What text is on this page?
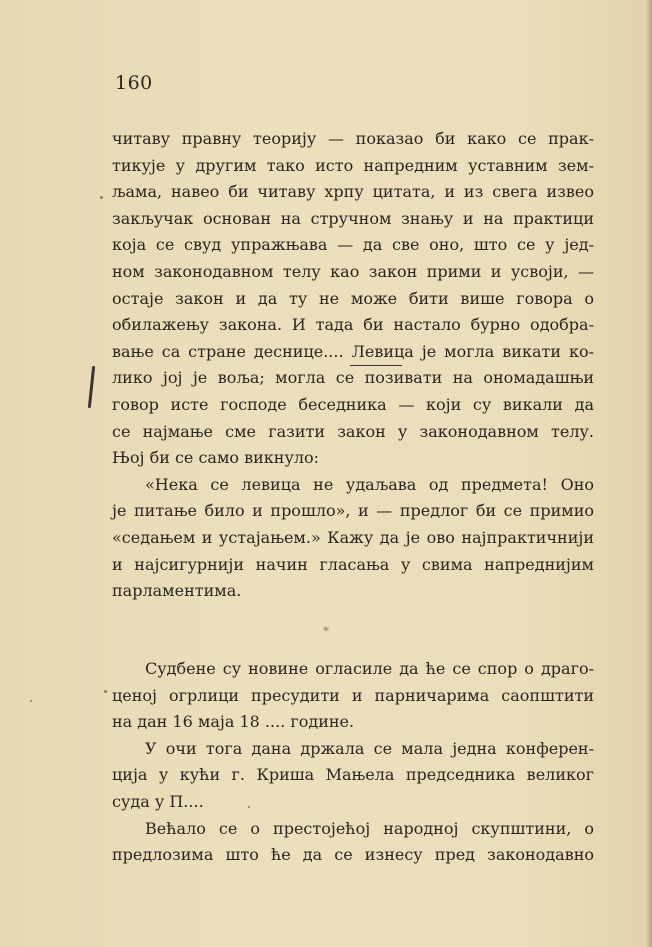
160
читаву правну теорију — показао би како се прак-
тикује у другим тако исто напредним уставним зем-
љама, навео би читаву хрпу цитата, и из свега извео
закључак основан на стручном знању и на практици
која се свуд упражњава — да све оно, што се у јед-
ном законодавном телу као закон прими и усвоји, —
остаје закон и да ту не може бити више говора о
обилажењу закона. И тада би настало бурно одобра-
вање са стране деснице.... Левица је могла викати ко-
лико јој је воља; могла се позивати на ономадашњи
говор исте господе беседника — који су викали да
се најмање сме газити закон у законодавном телу.
Њој би се само викнуло:
«Нека се левица не удаљава од предмета! Оно
је питање било и прошло», и — предлог би се примио
«седањем и устајањем.» Кажу да је ово најпрактичнији
и најсигурнији начин гласања у свима напреднијим
парламентима.
*
Судбене су новине огласиле да ће се спор о драго-
ценој огрлици пресудити и парничарима саопштити
на дан 16 маја 18 .... године.
У очи тога дана држала се мала једна конферен-
ција у кући г. Криша Мањела председника великог
суда у П....
Већало се о престојећој народној скупштини, о
предлозима што ће да се изнесу пред законодавно
